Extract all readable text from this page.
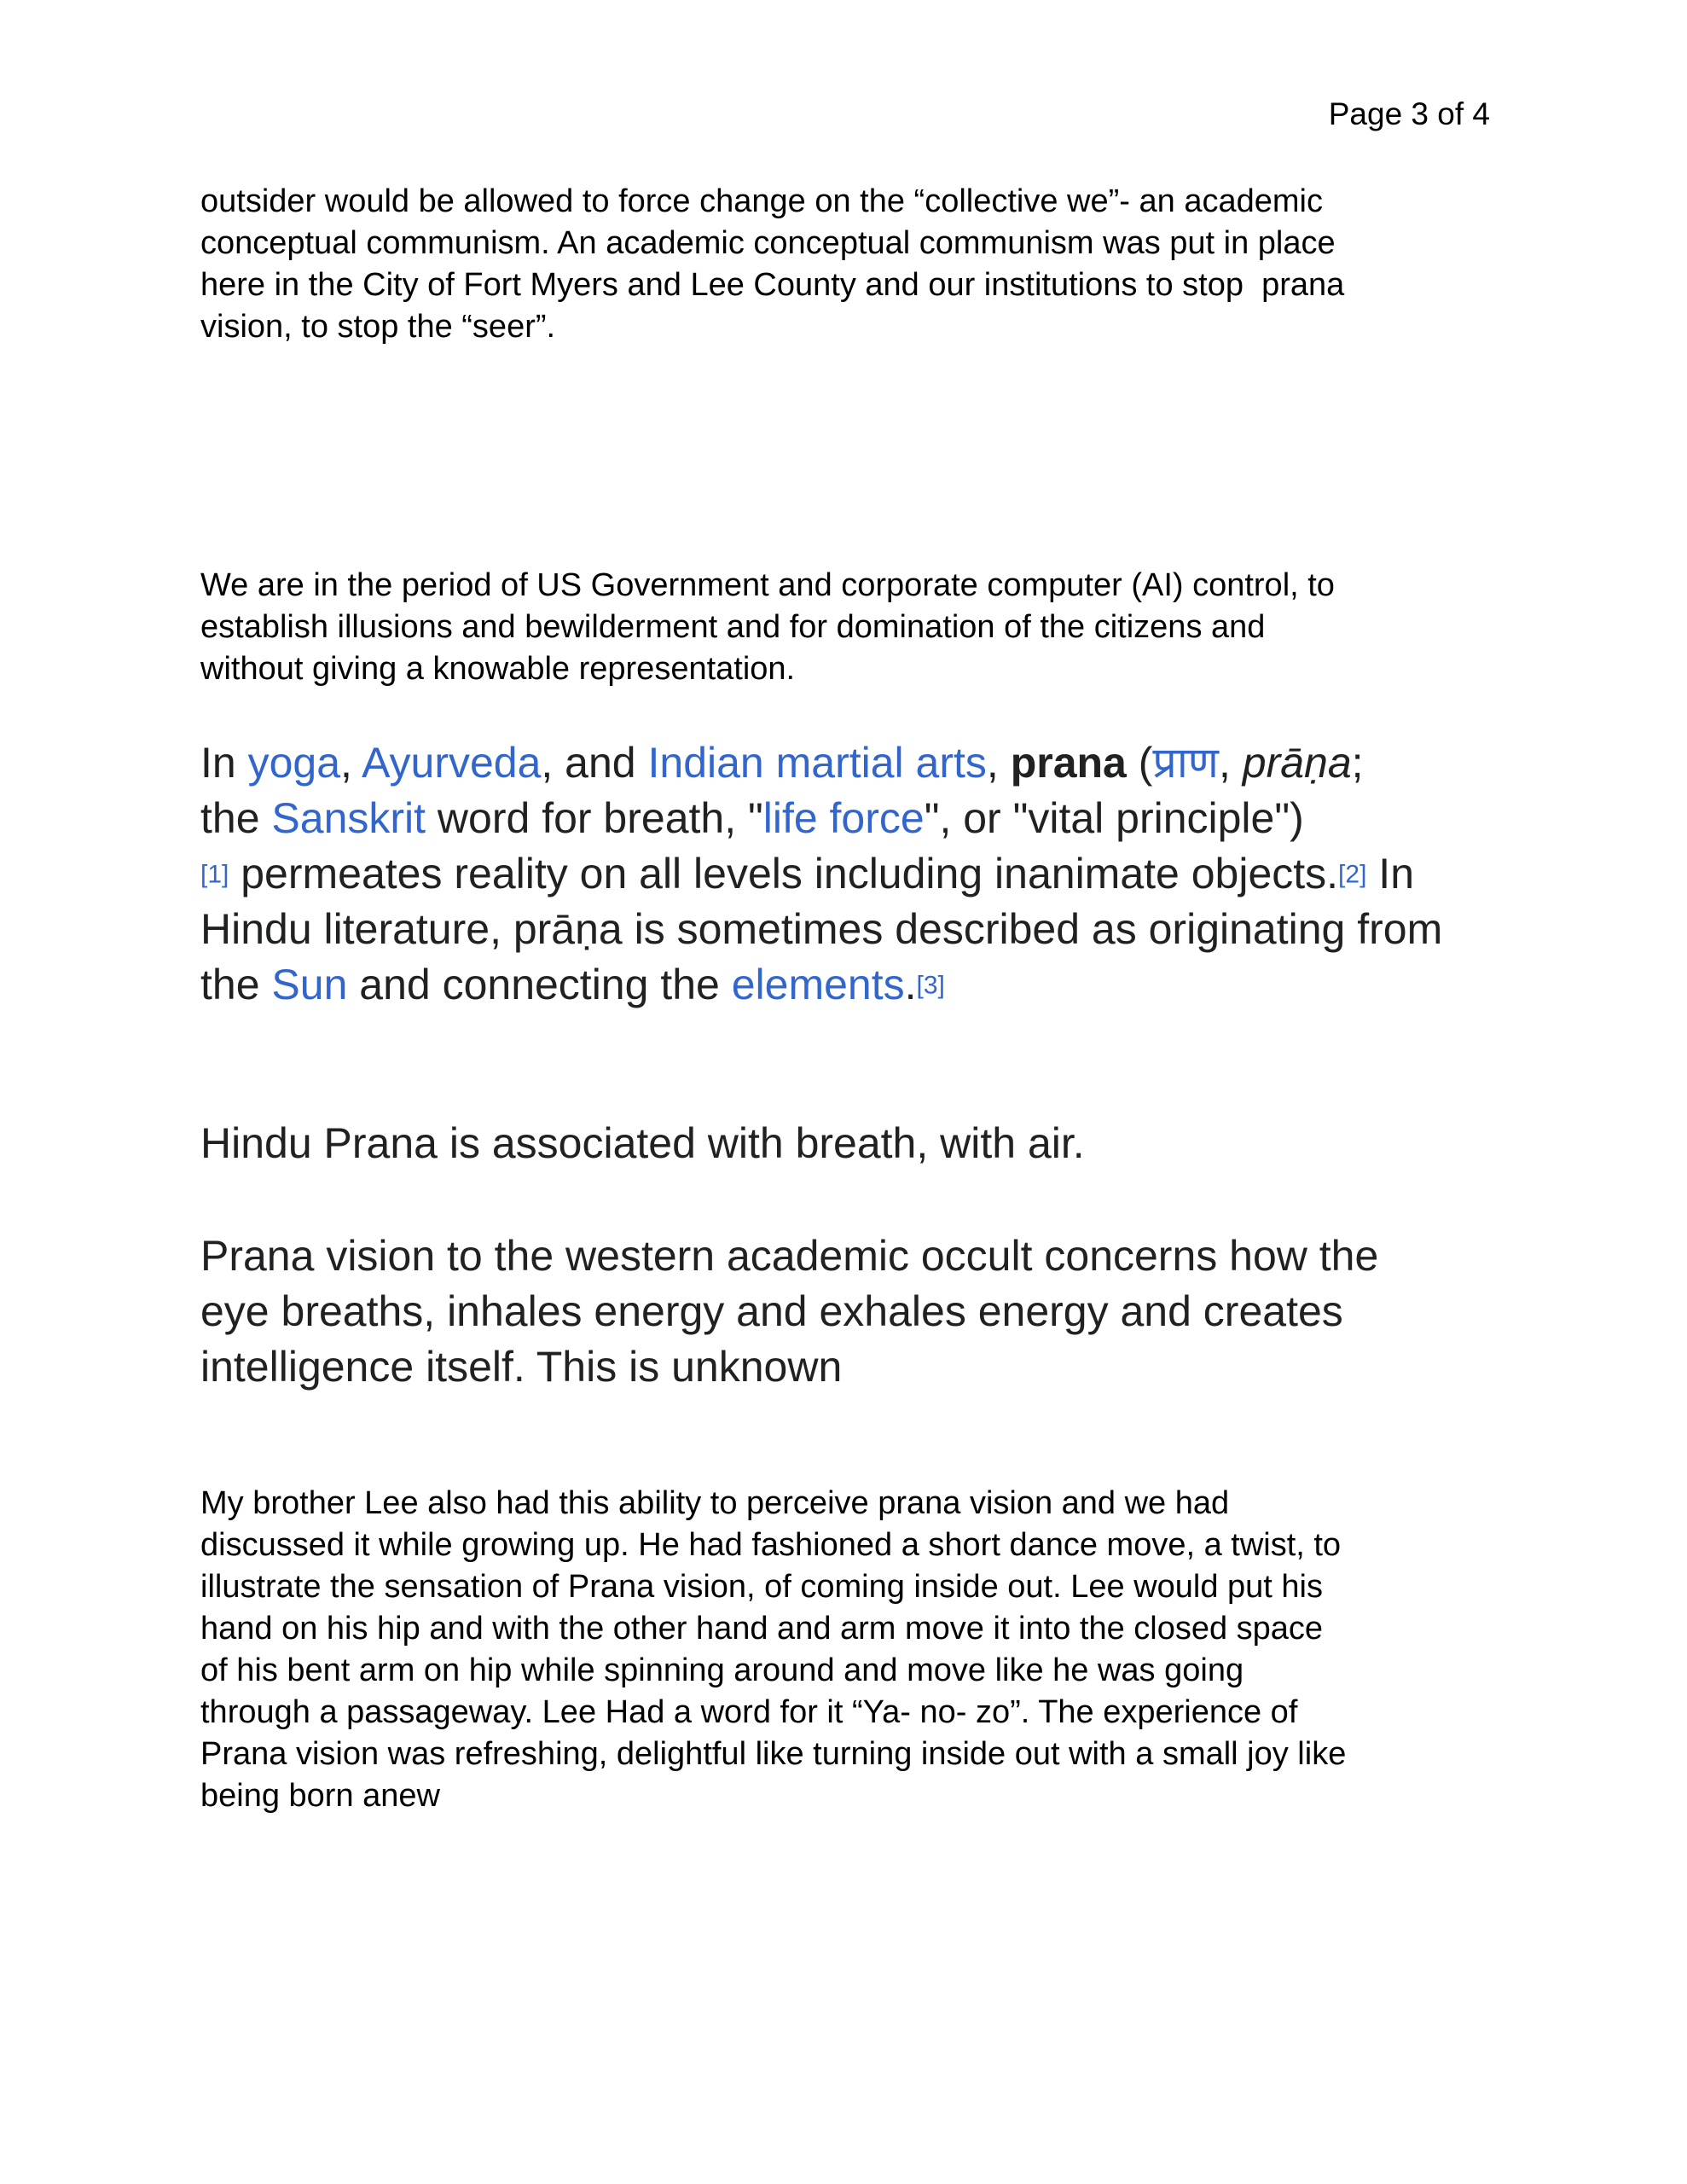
Page 3 of 4
outsider would be allowed to force change on the “collective we”- an academic
conceptual communism. An academic conceptual communism was put in place
here in the City of Fort Myers and Lee County and our institutions to stop  prana
vision, to stop the “seer”.
We are in the period of US Government and corporate computer (AI) control, to
establish illusions and bewilderment and for domination of the citizens and
without giving a knowable representation.
In yoga, Ayurveda, and Indian martial arts, prana (प्राण, prāṇa;
the Sanskrit word for breath, "life force", or "vital principle")
[1] permeates reality on all levels including inanimate objects.[2] In
Hindu literature, prāṇa is sometimes described as originating from
the Sun and connecting the elements.[3]
Hindu Prana is associated with breath, with air.
Prana vision to the western academic occult concerns how the
eye breaths, inhales energy and exhales energy and creates
intelligence itself. This is unknown
My brother Lee also had this ability to perceive prana vision and we had
discussed it while growing up. He had fashioned a short dance move, a twist, to
illustrate the sensation of Prana vision, of coming inside out. Lee would put his
hand on his hip and with the other hand and arm move it into the closed space
of his bent arm on hip while spinning around and move like he was going
through a passageway. Lee Had a word for it “Ya- no- zo”. The experience of
Prana vision was refreshing, delightful like turning inside out with a small joy like
being born anew
